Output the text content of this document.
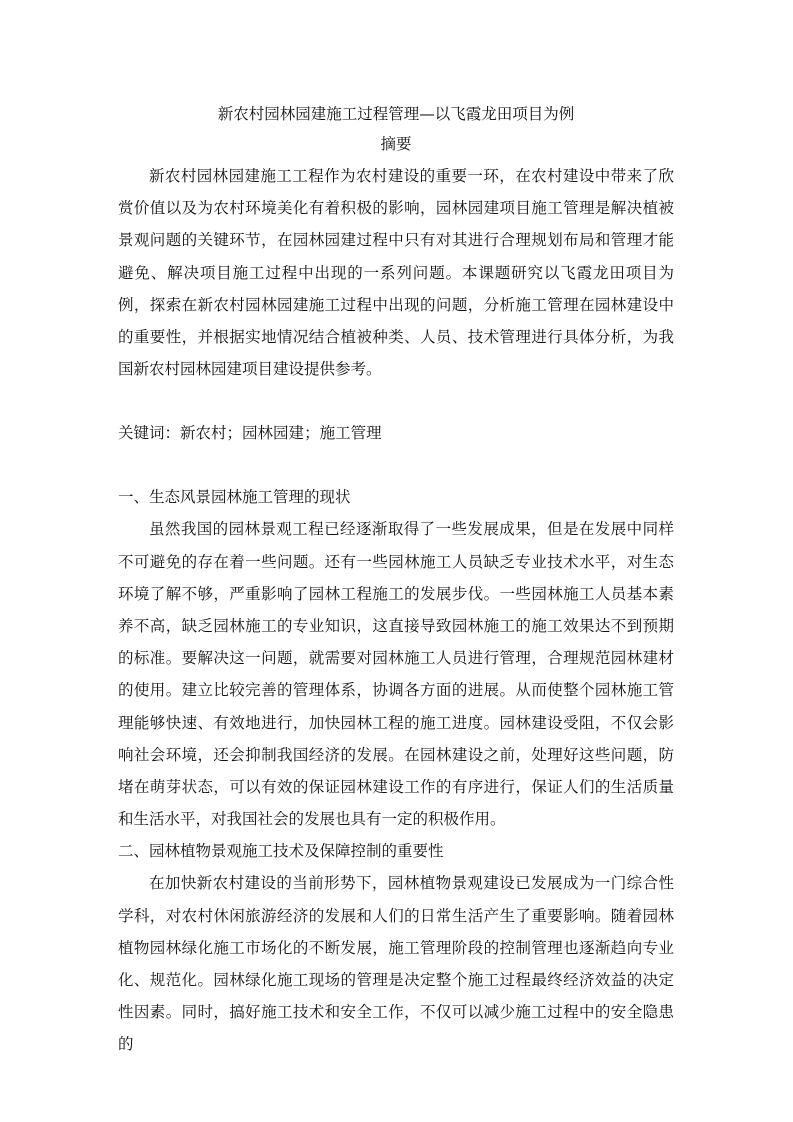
新农村园林园建施工过程管理—以飞霞龙田项目为例
摘要

新农村园林园建施工工程作为农村建设的重要一环，在农村建设中带来了欣赏价值以及为农村环境美化有着积极的影响，园林园建项目施工管理是解决植被景观问题的关键环节，在园林园建过程中只有对其进行合理规划布局和管理才能避免、解决项目施工过程中出现的一系列问题。本课题研究以飞霞龙田项目为例，探索在新农村园林园建施工过程中出现的问题，分析施工管理在园林建设中的重要性，并根据实地情况结合植被种类、人员、技术管理进行具体分析，为我国新农村园林园建项目建设提供参考。

关键词：新农村；园林园建；施工管理

一、生态风景园林施工管理的现状

虽然我国的园林景观工程已经逐渐取得了一些发展成果，但是在发展中同样不可避免的存在着一些问题。还有一些园林施工人员缺乏专业技术水平，对生态环境了解不够，严重影响了园林工程施工的发展步伐。一些园林施工人员基本素养不高，缺乏园林施工的专业知识，这直接导致园林施工的施工效果达不到预期的标准。要解决这一问题，就需要对园林施工人员进行管理，合理规范园林建材的使用。建立比较完善的管理体系，协调各方面的进展。从而使整个园林施工管理能够快速、有效地进行，加快园林工程的施工进度。园林建设受阻，不仅会影响社会环境，还会抑制我国经济的发展。在园林建设之前，处理好这些问题，防堵在萌芽状态，可以有效的保证园林建设工作的有序进行，保证人们的生活质量和生活水平，对我国社会的发展也具有一定的积极作用。

二、园林植物景观施工技术及保障控制的重要性

在加快新农村建设的当前形势下，园林植物景观建设已发展成为一门综合性学科，对农村休闲旅游经济的发展和人们的日常生活产生了重要影响。随着园林植物园林绿化施工市场化的不断发展，施工管理阶段的控制管理也逐渐趋向专业化、规范化。园林绿化施工现场的管理是决定整个施工过程最终经济效益的决定性因素。同时，搞好施工技术和安全工作，不仅可以减少施工过程中的安全隐患的
